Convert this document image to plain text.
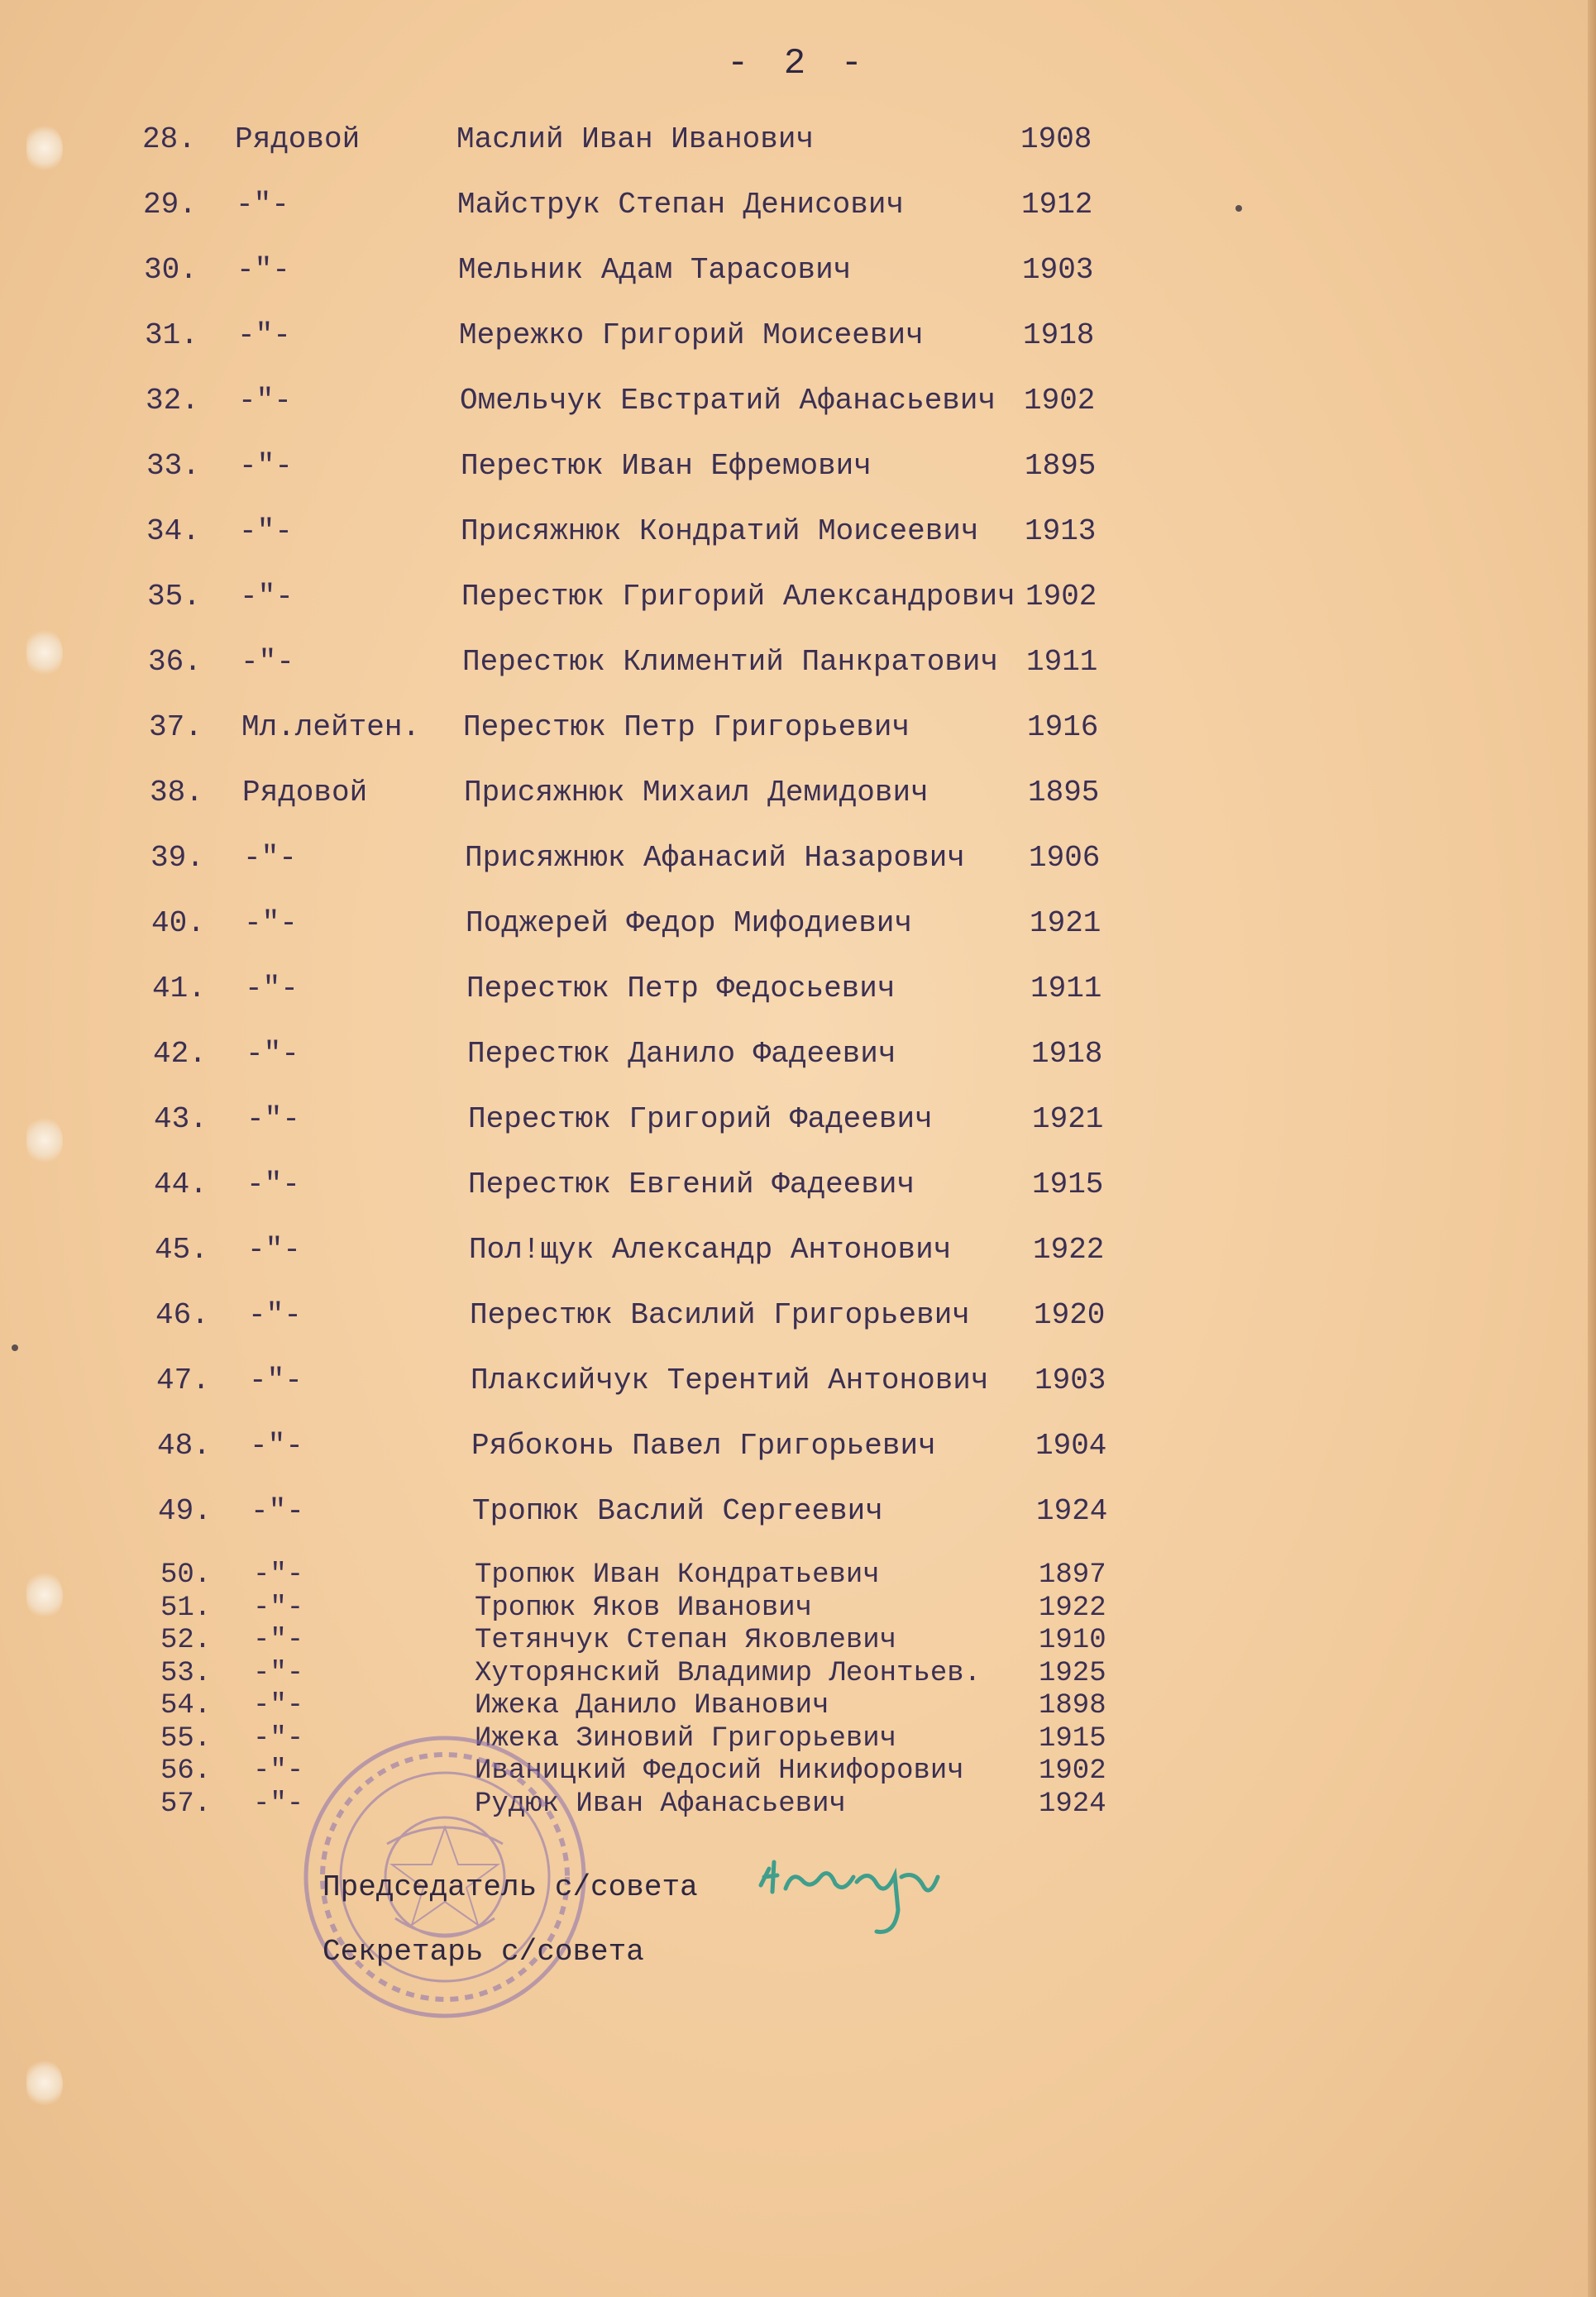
- 2 -
28. Рядовой	Маслий Иван Иванович	1908
29. -"-	Майструк Степан Денисович	1912
30. -"-	Мельник Адам Тарасович	1903
31. -"-	Мережко Григорий Моисеевич	1918
32. -"-	Омельчук Евстратий Афанасьевич 1902
33. -"-	Перестюк Иван Ефремович	1895
34. -"-	Присяжнюк Кондратий Моисеевич 1913
35. -"-	Перестюк Григорий Александрович 1902
36. -"-	Перестюк Климентий Панкратович 1911
37. Мл.лейтен. Перестюк Петр Григорьевич	1916
38. Рядовой	Присяжнюк Михаил Демидович	1895
39. -"-	Присяжнюк Афанасий Назарович 1906
40. -"-	Поджерей Федор Мифодиевич	1921
41. -"-	Перестюк Петр Федосьевич	1911
42. -"-	Перестюк Данило Фадеевич	1918
43. -"-	Перестюк Григорий Фадеевич	1921
44. -"-	Перестюк Евгений Фадеевич	1915
45. -"-	Пол!щук Александр Антонович	1922
46. -"-	Перестюк Василий Григорьевич 1920
47. -"-	Плаксийчук Терентий Антонович 1903
48. -"-	Рябоконь Павел Григорьевич	1904
49. -"-	Тропюк Васлий Сергеевич	1924
50. -"-	Тропюк Иван Кондратьевич	1897
51. -"-	Тропюк Яков Иванович	1922
52. -"-	Тетянчук Степан Яковлевич	1910
53. -"-	Хуторянский Владимир Леонтьев. 1925
54. -"-	Ижека Данило Иванович	1898
55. -"-	Ижека Зиновий Григорьевич	1915
56. -"-	Иваницкий Федосий Никифорович	1902
57. -"-	Рудюк Иван Афанасьевич	1924
Председатель с/совета
Секретарь с/совета
